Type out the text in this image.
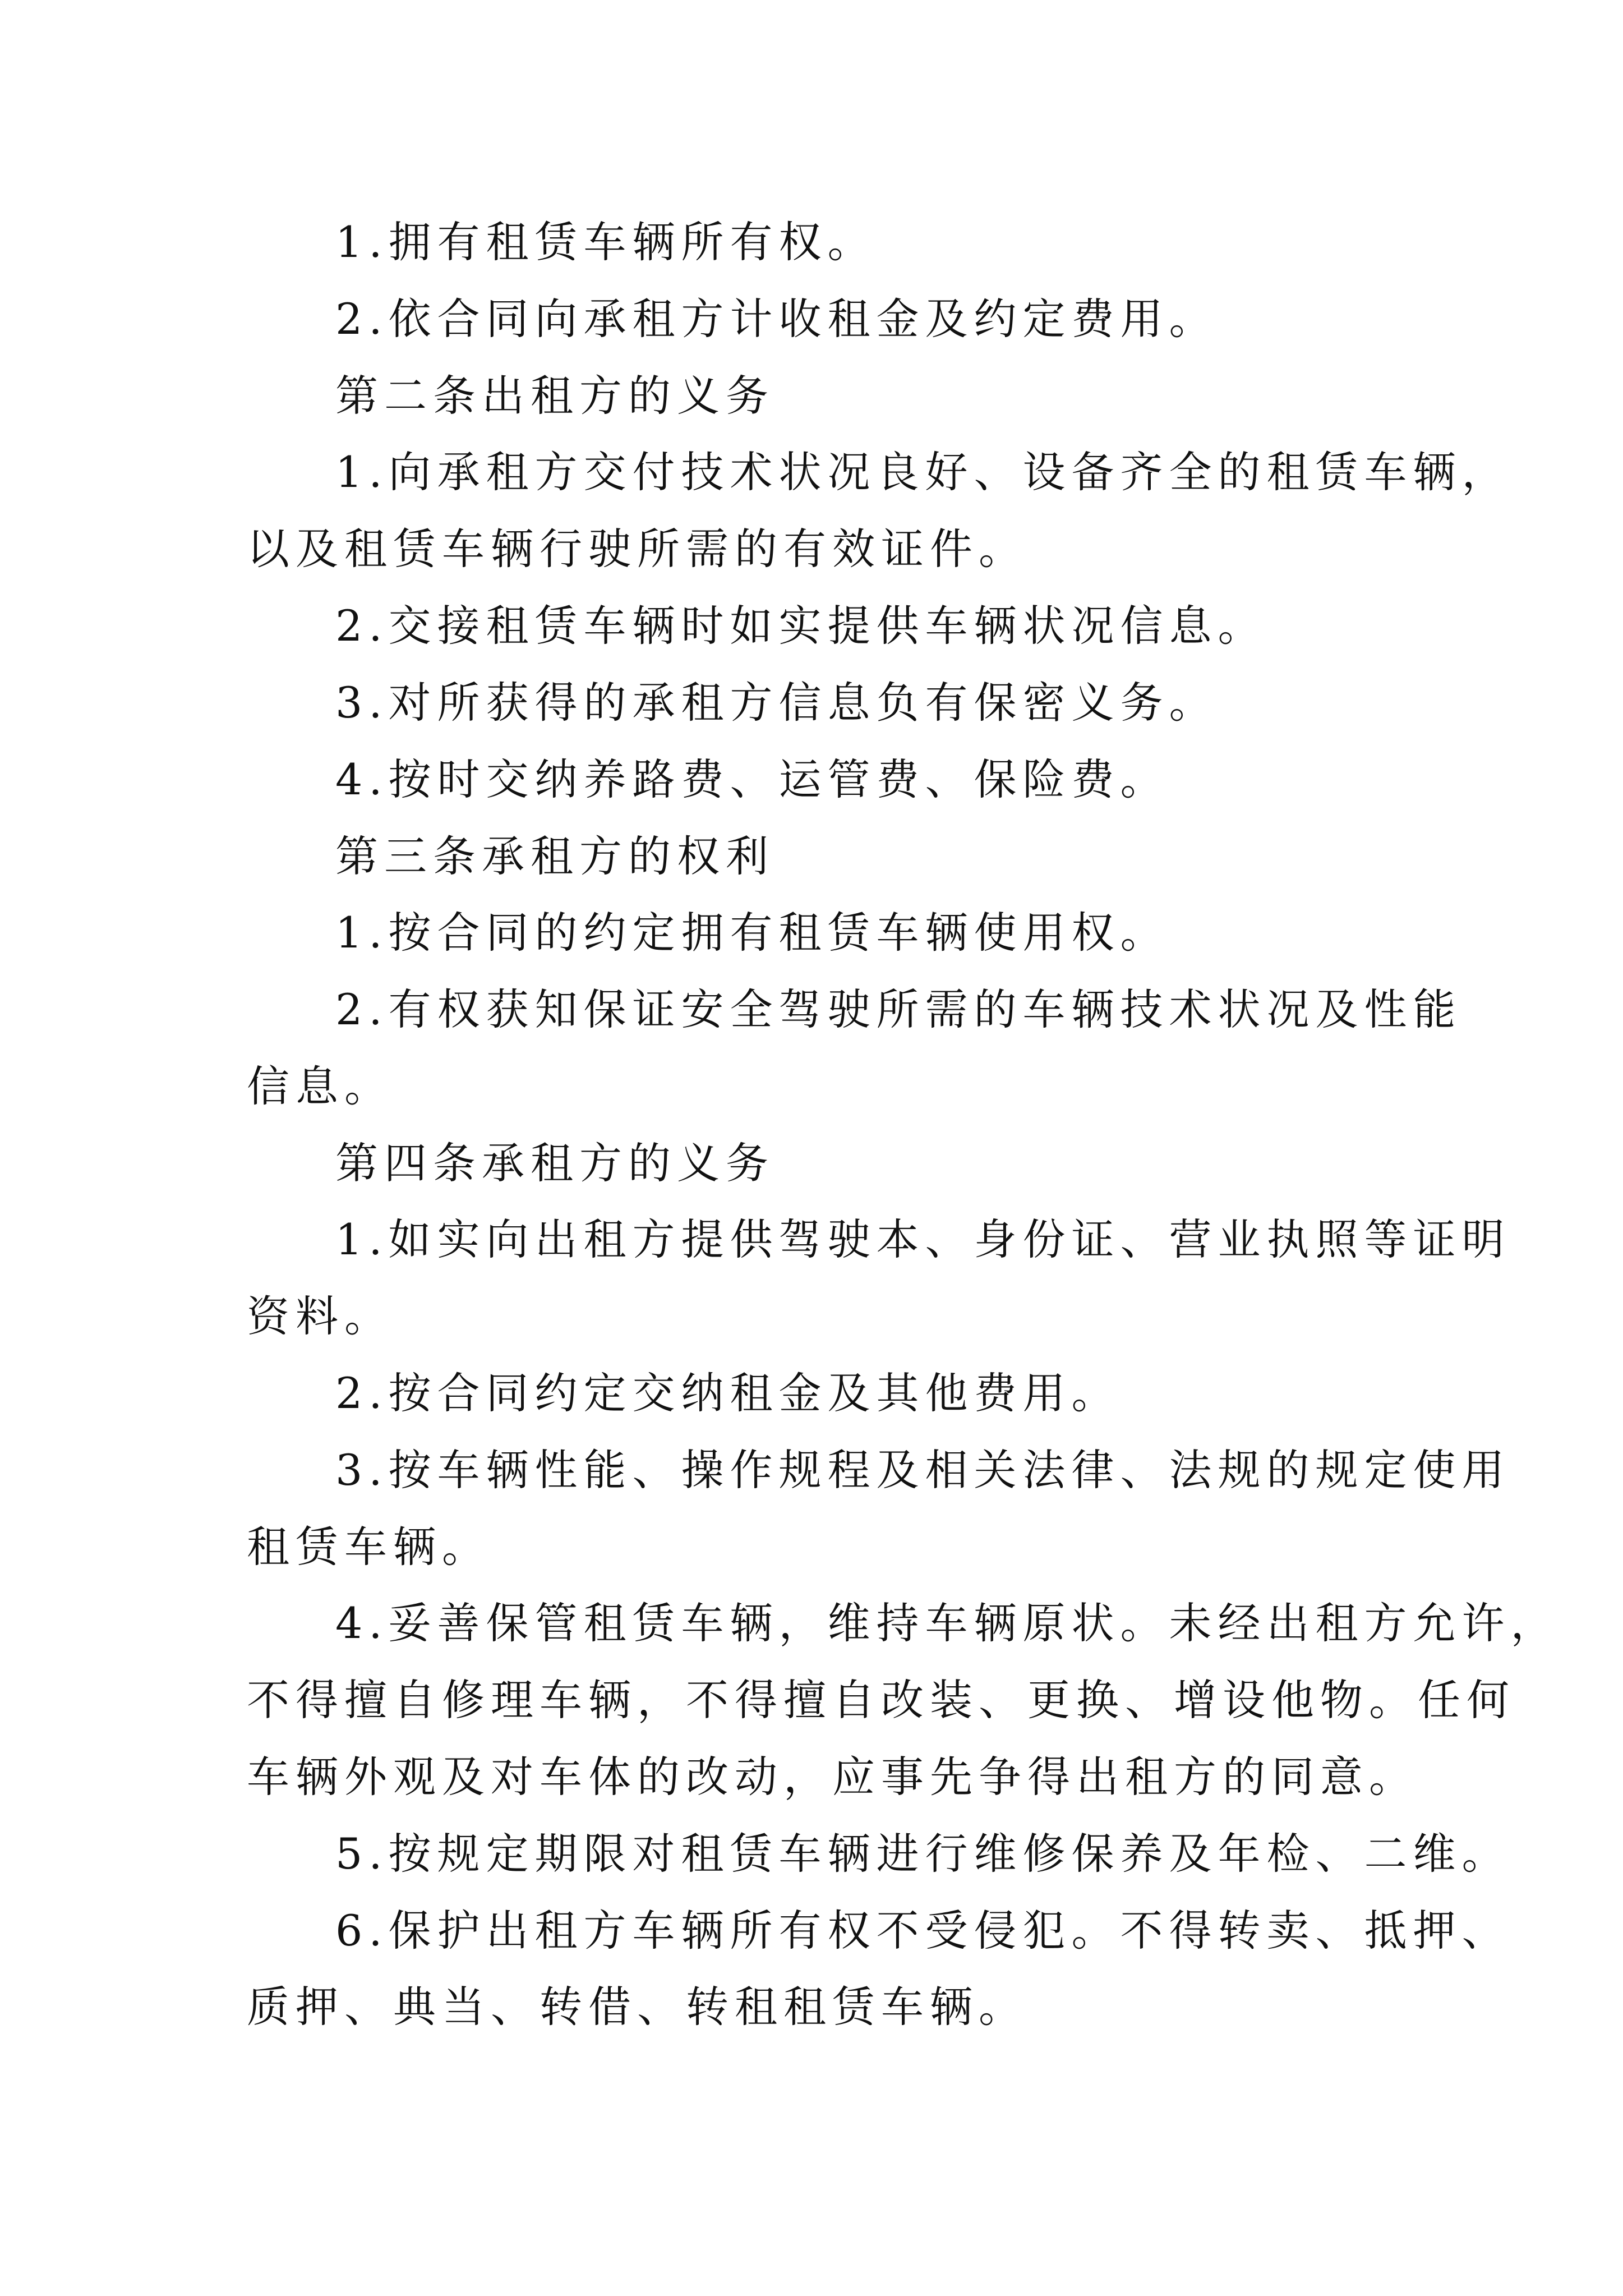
1.拥有租赁车辆所有权。
2.依合同向承租方计收租金及约定费用。
第二条出租方的义务
1.向承租方交付技术状况良好、设备齐全的租赁车辆，
以及租赁车辆行驶所需的有效证件。
2.交接租赁车辆时如实提供车辆状况信息。
3.对所获得的承租方信息负有保密义务。
4.按时交纳养路费、运管费、保险费。
第三条承租方的权利
1.按合同的约定拥有租赁车辆使用权。
2.有权获知保证安全驾驶所需的车辆技术状况及性能
信息。
第四条承租方的义务
1.如实向出租方提供驾驶本、身份证、营业执照等证明
资料。
2.按合同约定交纳租金及其他费用。
3.按车辆性能、操作规程及相关法律、法规的规定使用
租赁车辆。
4.妥善保管租赁车辆，维持车辆原状。未经出租方允许，
不得擅自修理车辆，不得擅自改装、更换、增设他物。任何
车辆外观及对车体的改动，应事先争得出租方的同意。
5.按规定期限对租赁车辆进行维修保养及年检、二维。
6.保护出租方车辆所有权不受侵犯。不得转卖、抵押、
质押、典当、转借、转租租赁车辆。
